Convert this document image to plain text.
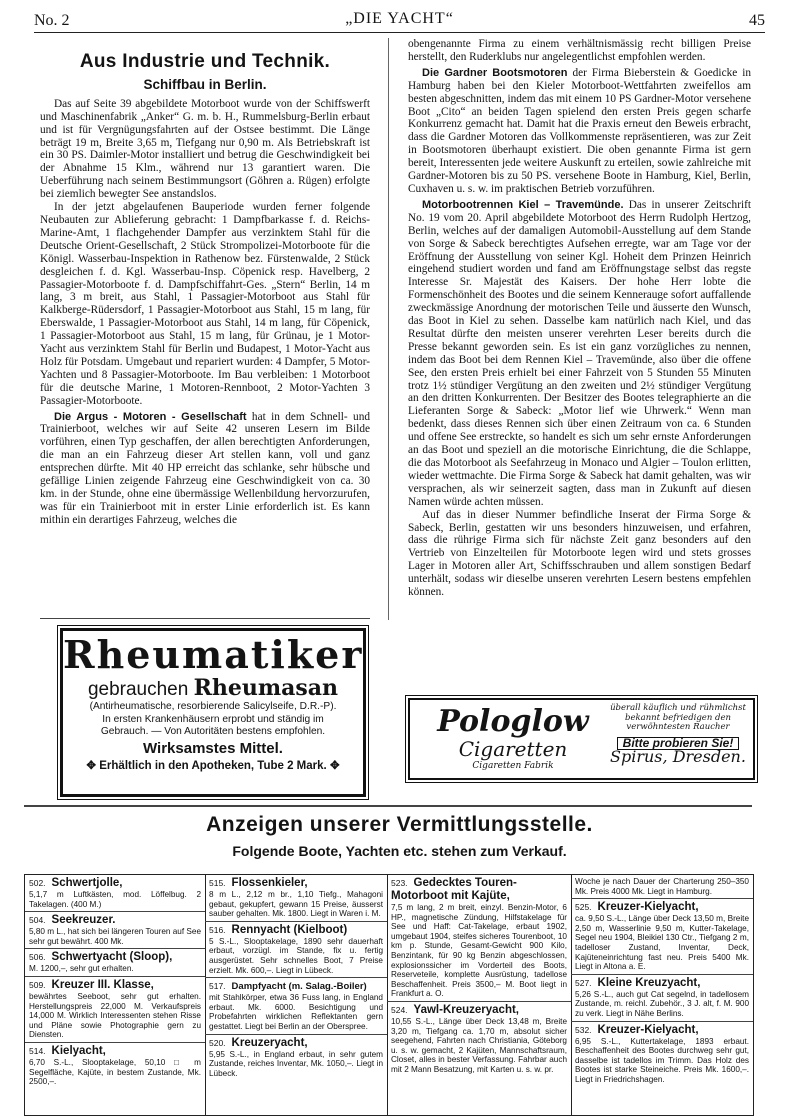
No. 2	„DIE YACHT“	45
Aus Industrie und Technik.
Schiffbau in Berlin.

Das auf Seite 39 abgebildete Motorboot wurde von der Schiffswerft und Maschinenfabrik „Anker“ G. m. b. H., Rummelsburg-Berlin erbaut und ist für Vergnügungsfahrten auf der Ostsee bestimmt. Die Länge beträgt 19 m, Breite 3,65 m, Tiefgang nur 0,90 m. Als Betriebskraft ist ein 30 PS. Daimler-Motor installiert und betrug die Geschwindigkeit bei der Abnahme 15 Klm., während nur 13 garantiert waren. Die Ueberführung nach seinem Bestimmungsort (Göhren a. Rügen) erfolgte bei ziemlich bewegter See anstandslos.

In der jetzt abgelaufenen Bauperiode wurden ferner folgende Neubauten zur Ablieferung gebracht: 1 Dampfbarkasse f. d. Reichs-Marine-Amt, 1 flachgehender Dampfer aus verzinktem Stahl für die Deutsche Orient-Gesellschaft, 2 Stück Strompolizei-Motorboote für die Königl. Wasserbau-Inspektion in Rathenow bez. Fürstenwalde, 2 Stück desgleichen f. d. Kgl. Wasserbau-Insp. Cöpenick resp. Havelberg, 2 Passagier-Motorboote f. d. Dampfschiffahrt-Ges. „Stern“ Berlin, 14 m lang, 3 m breit, aus Stahl, 1 Passagier-Motorboot aus Stahl für Kalkberge-Rüdersdorf, 1 Passagier-Motorboot aus Stahl, 15 m lang, für Eberswalde, 1 Passagier-Motorboot aus Stahl, 14 m lang, für Cöpenick, 1 Passagier-Motorboot aus Stahl, 15 m lang, für Grünau, je 1 Motor-Yacht aus verzinktem Stahl für Berlin und Budapest, 1 Motor-Yacht aus Holz für Potsdam. Umgebaut und repariert wurden: 4 Dampfer, 5 Motor-Yachten und 8 Passagier-Motorboote. Im Bau verbleiben: 1 Motorboot für die deutsche Marine, 1 Motoren-Rennboot, 2 Motor-Yachten 3 Passagier-Motorboote.

Die Argus - Motoren - Gesellschaft hat in dem Schnell- und Trainierboot, welches wir auf Seite 42 unseren Lesern im Bilde vorführen, einen Typ geschaffen, der allen berechtigten Anforderungen, die man an ein Fahrzeug dieser Art stellen kann, voll und ganz entsprechen dürfte. Mit 40 HP erreicht das schlanke, sehr hübsche und gefällige Linien zeigende Fahrzeug eine Geschwindigkeit von ca. 30 km. in der Stunde, ohne eine übermässige Wellenbildung hervorzurufen, was für ein Trainierboot mit in erster Linie erforderlich ist. Es kann mithin ein derartiges Fahrzeug, welches die

obengenannte Firma zu einem verhältnismässig recht billigen Preise herstellt, den Ruderklubs nur angelegentlichst empfohlen werden.

Die Gardner Bootsmotoren der Firma Bieberstein & Goedicke in Hamburg haben bei den Kieler Motorboot-Wettfahrten zweifellos am besten abgeschnitten, indem das mit einem 10 PS Gardner-Motor versehene Boot „Cito“ an beiden Tagen spielend den ersten Preis gegen scharfe Konkurrenz gemacht hat. Damit hat die Praxis erneut den Beweis erbracht, dass die Gardner Motoren das Vollkommenste repräsentieren, was zur Zeit in Bootsmotoren überhaupt existiert. Die oben genannte Firma ist gern bereit, Interessenten jede weitere Auskunft zu erteilen, sowie zahlreiche mit Gardner-Motoren bis zu 50 PS. versehene Boote in Hamburg, Kiel, Berlin, Cuxhaven u. s. w. im praktischen Betrieb vorzuführen.

Motorbootrennen Kiel – Travemünde. Das in unserer Zeitschrift No. 19 vom 20. April abgebildete Motorboot des Herrn Rudolph Hertzog, Berlin, welches auf der damaligen Automobil-Ausstellung auf dem Stande von Sorge & Sabeck berechtigtes Aufsehen erregte, war am Tage vor der Eröffnung der Ausstellung von seiner Kgl. Hoheit dem Prinzen Heinrich eingehend studiert worden und fand am Eröffnungstage selbst das regste Interesse Sr. Majestät des Kaisers. Der hohe Herr lobte die Formenschönheit des Bootes und die seinem Kennerauge sofort auffallende zweckmässige Anordnung der motorischen Teile und äusserte den Wunsch, das Boot in Kiel zu sehen. Dasselbe kam natürlich nach Kiel, und das Resultat dürfte den meisten unserer verehrten Leser bereits durch die Presse bekannt geworden sein. Es ist ein ganz vorzügliches zu nennen, indem das Boot bei dem Rennen Kiel – Travemünde, also über die offene See, den ersten Preis erhielt bei einer Fahrzeit von 5 Stunden 55 Minuten trotz 1½ stündiger Vergütung an den zweiten und 2½ stündiger Vergütung an den dritten Konkurrenten. Der Besitzer des Bootes telegraphierte an die Lieferanten Sorge & Sabeck: „Motor lief wie Uhrwerk.“ Wenn man bedenkt, dass dieses Rennen sich über einen Zeitraum von ca. 6 Stunden und offene See erstreckte, so handelt es sich um sehr ernste Anforderungen an das Boot und speziell an die motorische Einrichtung, die die Schlappe, die das Motorboot als Seefahrzeug in Monaco und Algier – Toulon erlitten, wieder wettmachte. Die Firma Sorge & Sabeck hat damit gehalten, was wir versprachen, als wir seinerzeit sagten, dass man in Zukunft auf diesen Namen würde achten müssen.

Auf das in dieser Nummer befindliche Inserat der Firma Sorge & Sabeck, Berlin, gestatten wir uns besonders hinzuweisen, und erfahren, dass die rührige Firma sich für nächste Zeit ganz besonders auf den Vertrieb von Einzelteilen für Motorboote legen wird und stets grosses Lager in Motoren aller Art, Schiffsschrauben und allem sonstigen Bedarf unterhält, sodass wir dieselbe unseren verehrten Lesern bestens empfehlen können.

Rheumatiker
gebrauchen Rheumasan
(Antirheumatische, resorbierende Salicylseife, D.R.-P).
In ersten Krankenhäusern erprobt und ständig im
Gebrauch. — Von Autoritäten bestens empfohlen.
Wirksamstes Mittel.
✥ Erhältlich in den Apotheken, Tube 2 Mark. ✥
Pologlow
Cigaretten
Cigaretten Fabrik
überall käuflich und rühmlichst bekannt befriedigen den verwöhntesten Raucher
Bitte probieren Sie!
Spirus, Dresden.
Anzeigen unserer Vermittlungsstelle.
Folgende Boote, Yachten etc. stehen zum Verkauf.
502. Schwertjolle,
5,1,7 m Luftkästen, mod. Löffelbug. 2 Takelagen. (400 M.)
504. Seekreuzer.
5,80 m L., hat sich bei längeren Touren auf See sehr gut bewährt. 400 Mk.
506. Schwertyacht (Sloop),
M. 1200,–, sehr gut erhalten.
509. Kreuzer III. Klasse,
bewährtes Seeboot, sehr gut erhalten. Herstellungspreis 22,000 M. Verkaufspreis 14,000 M. Wirklich Interessenten stehen Risse und Pläne sowie Photographie gern zu Diensten.
514. Kielyacht,
6,70 S.-L., Slooptakelage, 50,10 □ m Segelfläche, Kajüte, in bestem Zustande, Mk. 2500,–.
515. Flossenkieler,
8 m L., 2,12 m br., 1,10 Tiefg., Mahagoni gebaut, gekupfert, gewann 15 Preise, äusserst sauber gehalten. Mk. 1800. Liegt in Waren i. M.
516. Rennyacht (Kielboot)
5 S.-L., Slooptakelage, 1890 sehr dauerhaft erbaut, vorzügl. im Stande, fix u. fertig ausgerüstet. Sehr schnelles Boot, 7 Preise erzielt. Mk. 600,–. Liegt in Lübeck.
517. Dampfyacht (m. Salag.-Boiler)
mit Stahlkörper, etwa 36 Fuss lang, in England erbaut. Mk. 6000. Besichtigung und Probefahrten wirklichen Reflektanten gern gestattet. Liegt bei Berlin an der Oberspree.
520. Kreuzeryacht,
5,95 S.-L., in England erbaut, in sehr gutem Zustande, reiches Inventar, Mk. 1050,–. Liegt in Lübeck.
523. Gedecktes Touren-Motorboot mit Kajüte,
7,5 m lang, 2 m breit, einzyl. Benzin-Motor, 6 HP., magnetische Zündung, Hilfstakelage für See und Haff: Cat-Takelage, erbaut 1902, umgebaut 1904, steifes sicheres Tourenboot, 10 km p. Stunde, Gesamt-Gewicht 900 Kilo, Benzintank, für 90 kg Benzin abgeschlossen, explosionssicher im Vorderteil des Boots, Reserveteile, komplette Ausrüstung, tadellose Beschaffenheit. Preis 3500,– M. Boot liegt in Frankfurt a. O.
524. Yawl-Kreuzeryacht,
10,55 S.-L., Länge über Deck 13,48 m, Breite 3,20 m, Tiefgang ca. 1,70 m, absolut sicher seegehend, Fahrten nach Christiania, Göteborg u. s. w. gemacht, 2 Kajüten, Mannschaftsraum, Closet, alles in bester Verfassung. Fahrbar auch mit 2 Mann Besatzung, mit Karten u. s. w. pr.
Woche je nach Dauer der Charterung 250–350 Mk. Preis 4000 Mk. Liegt in Hamburg.
525. Kreuzer-Kielyacht,
ca. 9,50 S.-L., Länge über Deck 13,50 m, Breite 2,50 m, Wasserlinie 9,50 m, Kutter-Takelage, Segel neu 1904, Bleikiel 130 Ctr., Tiefgang 2 m, tadelloser Zustand, Inventar, Deck, Kajüteneinrichtung fast neu. Preis 5400 Mk. Liegt in Altona a. E.
527. Kleine Kreuzyacht,
5,26 S.-L., auch gut Cat segelnd, in tadellosem Zustande, m. reichl. Zubehör., 3 J. alt, f. M. 900 zu verk. Liegt in Nähe Berlins.
532. Kreuzer-Kielyacht,
6,95 S.-L., Kuttertakelage, 1893 erbaut. Beschaffenheit des Bootes durchweg sehr gut, dasselbe ist tadellos im Trimm. Das Holz des Bootes ist starke Steineiche. Preis Mk. 1600,–. Liegt in Friedrichshagen.
